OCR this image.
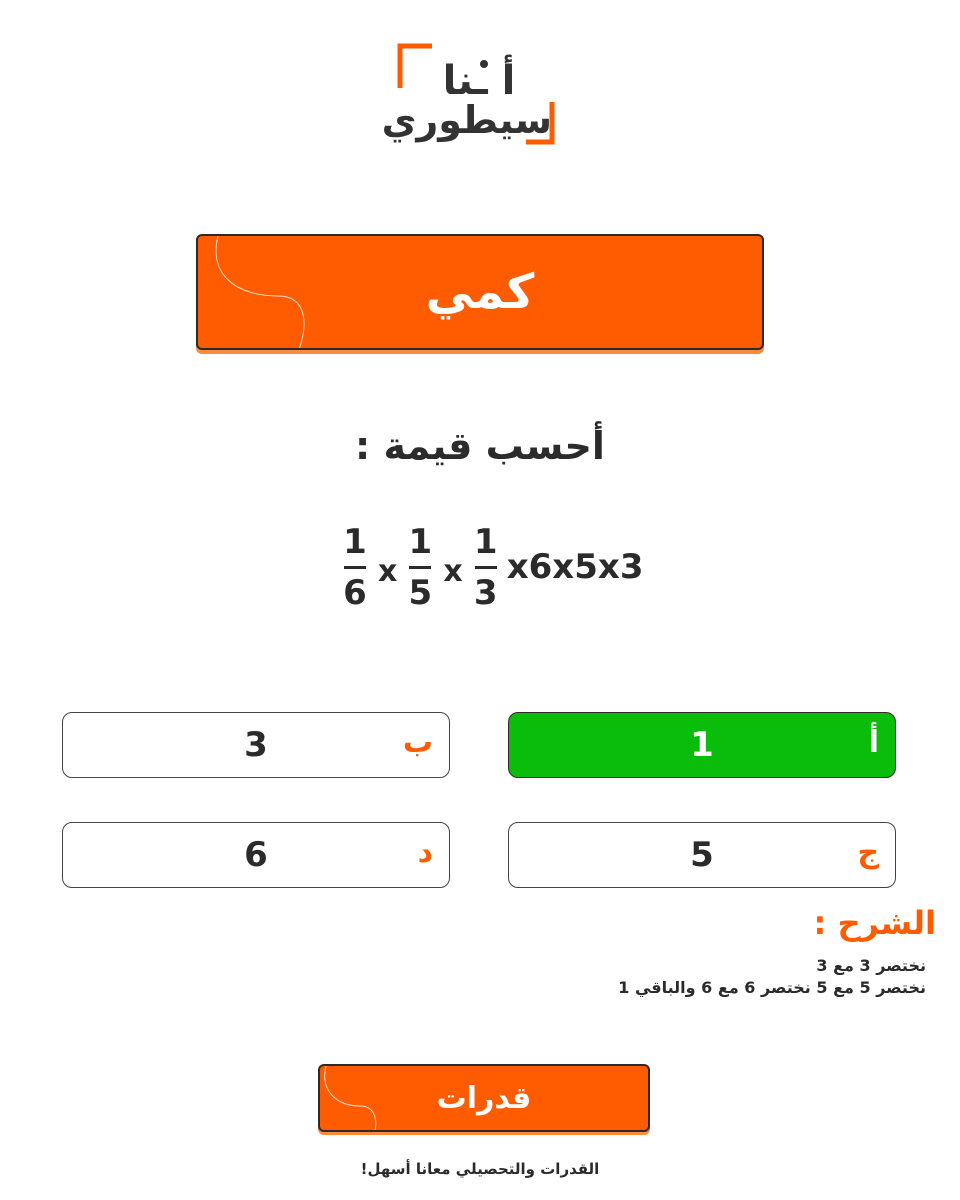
أ ـنا
سيطوري
كمي
أحسب قيمة :
$\frac{1}{6}$ x $\frac{1}{5}$ x $\frac{1}{3} x6x5x3$
أ
1
ب
3
ج
5
د
6
الشرح :
نختصر 3 مع 3
نختصر 5 مع 5 نختصر 6 مع 6 والباقي 1
قدرات
القدرات والتحصيلي معانا أسهل!
